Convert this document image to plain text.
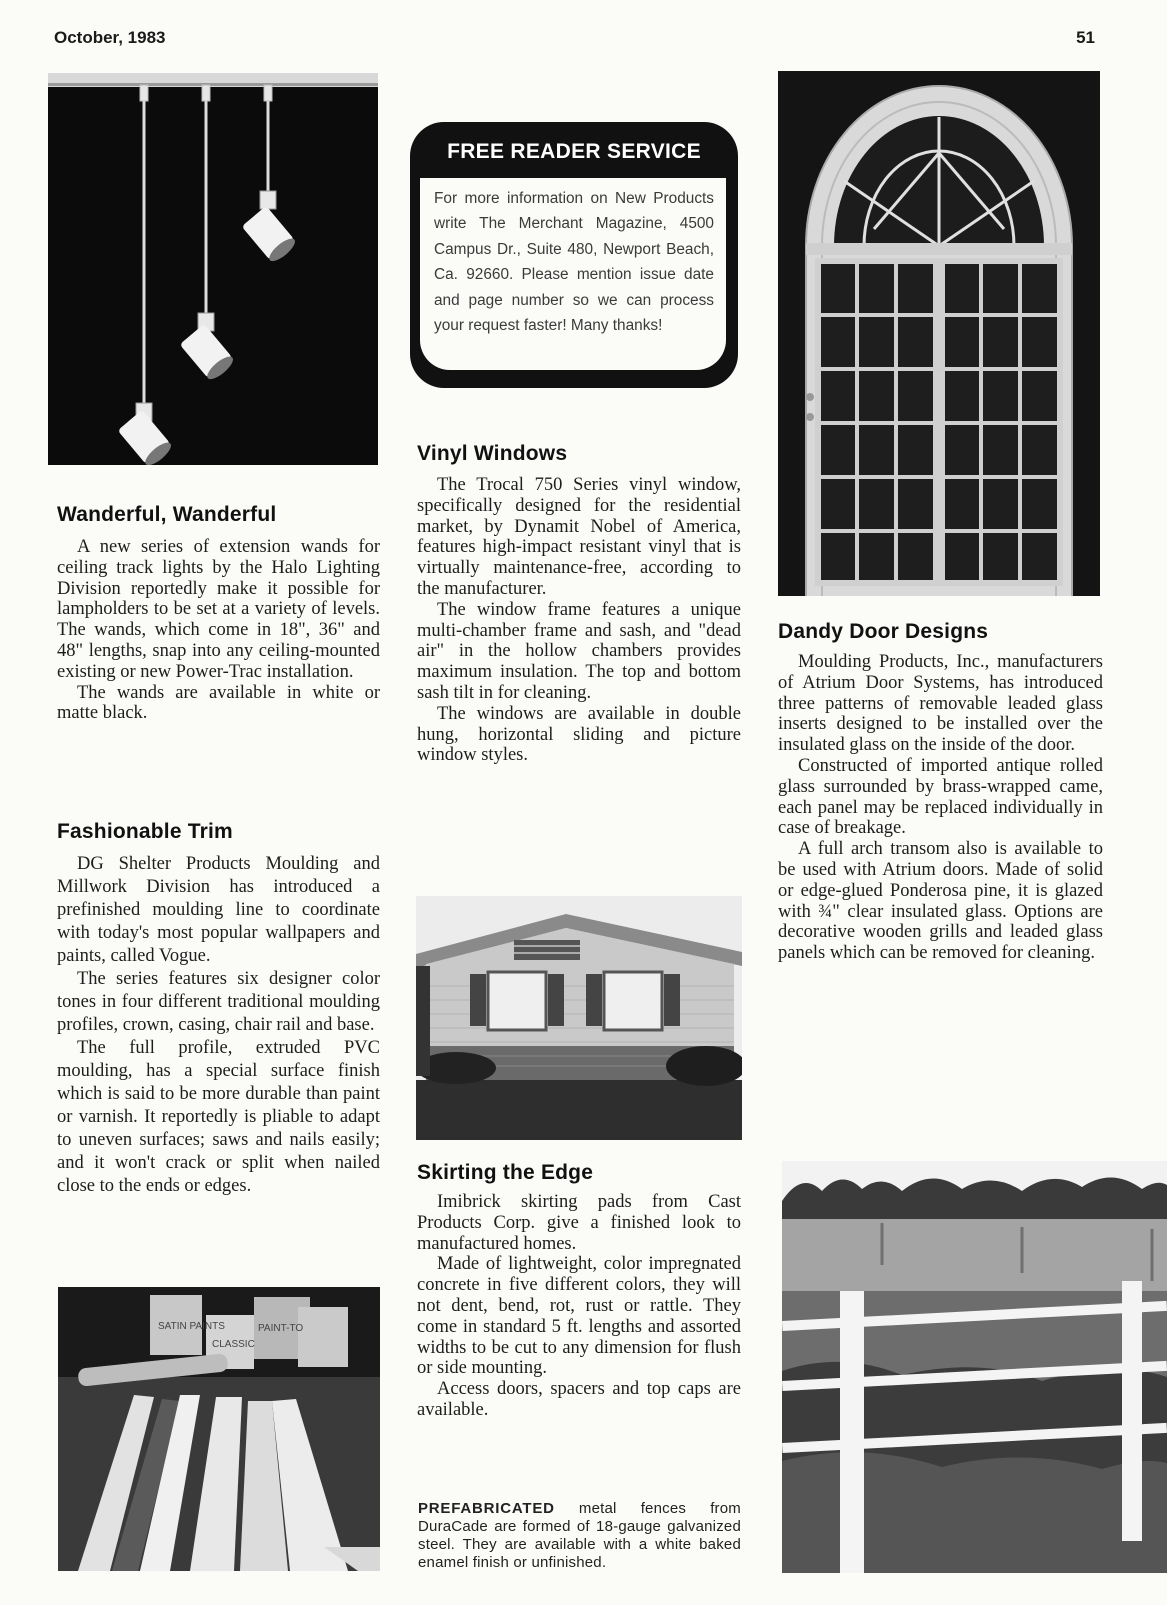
October, 1983	51
FREE READER SERVICE
For more information on New Products write The Merchant Magazine, 4500 Campus Dr., Suite 480, Newport Beach, Ca. 92660. Please mention issue date and page number so we can process your request faster! Many thanks!
Wanderful, Wanderful

A new series of extension wands for ceiling track lights by the Halo Lighting Division reportedly make it possible for lampholders to be set at a variety of levels. The wands, which come in 18", 36" and 48" lengths, snap into any ceiling-mounted existing or new Power-Trac installation.

The wands are available in white or matte black.

Fashionable Trim

DG Shelter Products Moulding and Millwork Division has introduced a prefinished moulding line to coordinate with today's most popular wallpapers and paints, called Vogue.

The series features six designer color tones in four different traditional moulding profiles, crown, casing, chair rail and base.

The full profile, extruded PVC moulding, has a special surface finish which is said to be more durable than paint or varnish. It reportedly is pliable to adapt to uneven surfaces; saws and nails easily; and it won't crack or split when nailed close to the ends or edges.

SATIN PAINTS	PAINT-TO
CLASSIC
Vinyl Windows

The Trocal 750 Series vinyl window, specifically designed for the residential market, by Dynamit Nobel of America, features high-impact resistant vinyl that is virtually maintenance-free, according to the manufacturer.

The window frame features a unique multi-chamber frame and sash, and "dead air" in the hollow chambers provides maximum insulation. The top and bottom sash tilt in for cleaning.

The windows are available in double hung, horizontal sliding and picture window styles.

Skirting the Edge

Imibrick skirting pads from Cast Products Corp. give a finished look to manufactured homes.

Made of lightweight, color impregnated concrete in five different colors, they will not dent, bend, rot, rust or rattle. They come in standard 5 ft. lengths and assorted widths to be cut to any dimension for flush or side mounting.

Access doors, spacers and top caps are available.

PREFABRICATED metal fences from DuraCade are formed of 18-gauge galvanized steel. They are available with a white baked enamel finish or unfinished.
Dandy Door Designs

Moulding Products, Inc., manufacturers of Atrium Door Systems, has introduced three patterns of removable leaded glass inserts designed to be installed over the insulated glass on the inside of the door.

Constructed of imported antique rolled glass surrounded by brass-wrapped came, each panel may be replaced individually in case of breakage.

A full arch transom also is available to be used with Atrium doors. Made of solid or edge-glued Ponderosa pine, it is glazed with ¾" clear insulated glass. Options are decorative wooden grills and leaded glass panels which can be removed for cleaning.
